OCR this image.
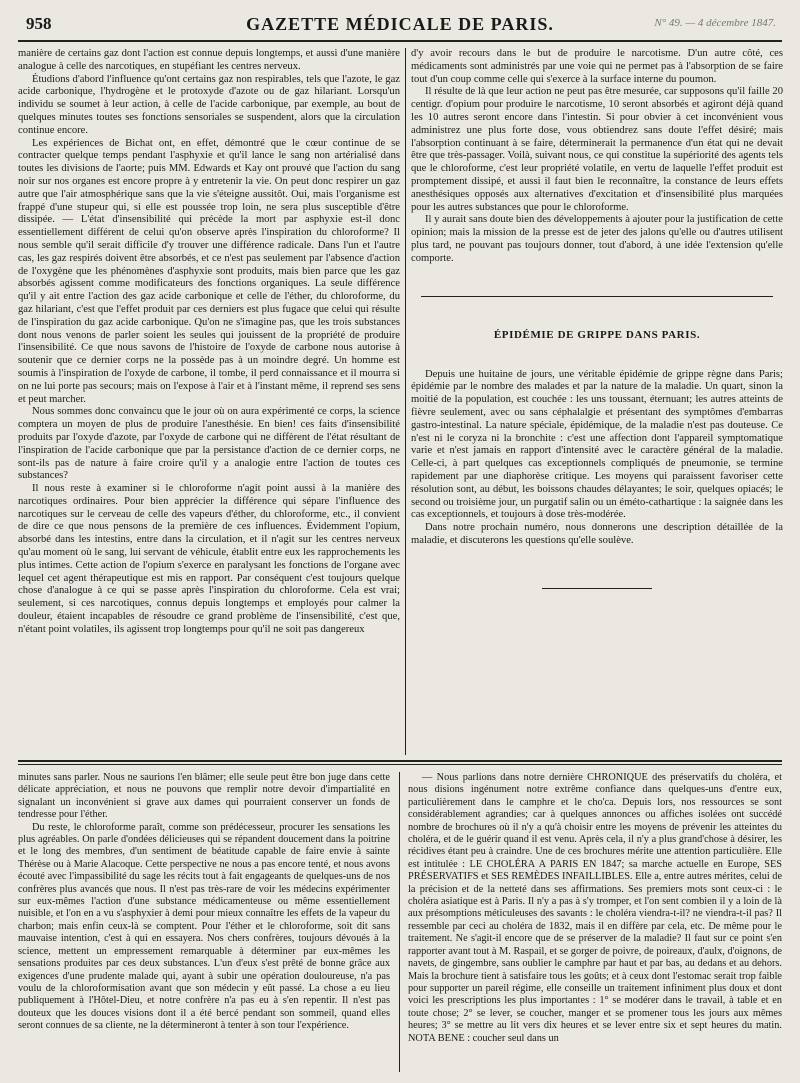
958	GAZETTE MÉDICALE DE PARIS.	N° 49. — 4 décembre 1847.

manière de certains gaz dont l'action est connue depuis longtemps, et aussi d'une manière analogue à celle des narcotiques, en stupéfiant les centres nerveux.

Étudions d'abord l'influence qu'ont certains gaz non respirables, tels que l'azote, le gaz acide carbonique, l'hydrogène et le protoxyde d'azote ou de gaz hilariant. Lorsqu'un individu se soumet à leur action, à celle de l'acide carbonique, par exemple, au bout de quelques minutes toutes ses fonctions sensoriales se suspendent, alors que la circulation continue encore.

Les expériences de Bichat ont, en effet, démontré que le cœur continue de se contracter quelque temps pendant l'asphyxie et qu'il lance le sang non artérialisé dans toutes les divisions de l'aorte; puis MM. Edwards et Kay ont prouvé que l'action du sang noir sur nos organes est encore propre à y entretenir la vie. On peut donc respirer un gaz autre que l'air atmosphérique sans que la vie s'éteigne aussitôt. Oui, mais l'organisme est frappé d'une stupeur qui, si elle est poussée trop loin, ne sera plus susceptible d'être dissipée. — L'état d'insensibilité qui précède la mort par asphyxie est-il donc essentiellement différent de celui qu'on observe après l'inspiration du chloroforme? Il nous semble qu'il serait difficile d'y trouver une différence radicale. Dans l'un et l'autre cas, les gaz respirés doivent être absorbés, et ce n'est pas seulement par l'absence d'action de l'oxygène que les phénomènes d'asphyxie sont produits, mais bien parce que les gaz absorbés agissent comme modificateurs des fonctions organiques. La seule différence qu'il y ait entre l'action des gaz acide carbonique et celle de l'éther, du chloroforme, du gaz hilariant, c'est que l'effet produit par ces derniers est plus fugace que celui qui résulte de l'inspiration du gaz acide carbonique. Qu'on ne s'imagine pas, que les trois substances dont nous venons de parler soient les seules qui jouissent de la propriété de produire l'insensibilité. Ce que nous savons de l'histoire de l'oxyde de carbone nous autorise à soutenir que ce dernier corps ne la possède pas à un moindre degré. Un homme est soumis à l'inspiration de l'oxyde de carbone, il tombe, il perd connaissance et il mourra si on ne lui porte pas secours; mais on l'expose à l'air et à l'instant même, il reprend ses sens et peut marcher.

Nous sommes donc convaincu que le jour où on aura expérimenté ce corps, la science comptera un moyen de plus de produire l'anesthésie. En bien! ces faits d'insensibilité produits par l'oxyde d'azote, par l'oxyde de carbone qui ne diffèrent de l'état résultant de l'inspiration de l'acide carbonique que par la persistance d'action de ce dernier corps, ne sont-ils pas de nature à faire croire qu'il y a analogie entre l'action de toutes ces substances?

Il nous reste à examiner si le chloroforme n'agit point aussi à la manière des narcotiques ordinaires. Pour bien apprécier la différence qui sépare l'influence des narcotiques sur le cerveau de celle des vapeurs d'éther, du chloroforme, etc., il convient de dire ce que nous pensons de la première de ces influences. Évidemment l'opium, absorbé dans les intestins, entre dans la circulation, et il n'agit sur les centres nerveux qu'au moment où le sang, lui servant de véhicule, établit entre eux les rapprochements les plus intimes. Cette action de l'opium s'exerce en paralysant les fonctions de l'organe avec lequel cet agent thérapeutique est mis en rapport. Par conséquent c'est toujours quelque chose d'analogue à ce qui se passe après l'inspiration du chloroforme. Cela est vrai; seulement, si ces narcotiques, connus depuis longtemps et employés pour calmer la douleur, étaient incapables de résoudre ce grand problème de l'insensibilité, c'est que, n'étant point volatiles, ils agissent trop longtemps pour qu'il ne soit pas dangereux

d'y avoir recours dans le but de produire le narcotisme. D'un autre côté, ces médicaments sont administrés par une voie qui ne permet pas à l'absorption de se faire tout d'un coup comme celle qui s'exerce à la surface interne du poumon.

Il résulte de là que leur action ne peut pas être mesurée, car supposons qu'il faille 20 centigr. d'opium pour produire le narcotisme, 10 seront absorbés et agiront déjà quand les 10 autres seront encore dans l'intestin. Si pour obvier à cet inconvénient vous administrez une plus forte dose, vous obtiendrez sans doute l'effet désiré; mais l'absorption continuant à se faire, déterminerait la permanence d'un état qui ne devait être que très-passager. Voilà, suivant nous, ce qui constitue la supériorité des agents tels que le chloroforme, c'est leur propriété volatile, en vertu de laquelle l'effet produit est promptement dissipé, et aussi il faut bien le reconnaître, la constance de leurs effets anesthésiques opposés aux alternatives d'excitation et d'insensibilité plus marquées pour les autres substances que pour le chloroforme.

Il y aurait sans doute bien des développements à ajouter pour la justification de cette opinion; mais la mission de la presse est de jeter des jalons qu'elle ou d'autres utilisent plus tard, ne pouvant pas toujours donner, tout d'abord, à une idée l'extension qu'elle comporte.

ÉPIDÉMIE DE GRIPPE DANS PARIS.

Depuis une huitaine de jours, une véritable épidémie de grippe règne dans Paris; épidémie par le nombre des malades et par la nature de la maladie. Un quart, sinon la moitié de la population, est couchée : les uns toussant, éternuant; les autres atteints de fièvre seulement, avec ou sans céphalalgie et présentant des symptômes d'embarras gastro-intestinal. La nature spéciale, épidémique, de la maladie n'est pas douteuse. Ce n'est ni le coryza ni la bronchite : c'est une affection dont l'appareil symptomatique varie et n'est jamais en rapport d'intensité avec le caractère général de la maladie. Celle-ci, à part quelques cas exceptionnels compliqués de pneumonie, se termine rapidement par une diaphorèse critique. Les moyens qui paraissent favoriser cette résolution sont, au début, les boissons chaudes délayantes; le soir, quelques opiacés; le second ou troisième jour, un purgatif salin ou un éméto-cathartique : la saignée dans les cas exceptionnels, et toujours à dose très-modérée.

Dans notre prochain numéro, nous donnerons une description détaillée de la maladie, et discuterons les questions qu'elle soulève.

minutes sans parler. Nous ne saurions l'en blâmer; elle seule peut être bon juge dans cette délicate appréciation, et nous ne pouvons que remplir notre devoir d'impartialité en signalant un inconvénient si grave aux dames qui pourraient conserver un fonds de tendresse pour l'éther.

Du reste, le chloroforme paraît, comme son prédécesseur, procurer les sensations les plus agréables. On parle d'ondées délicieuses qui se répandent doucement dans la poitrine et le long des membres, d'un sentiment de béatitude capable de faire envie à sainte Thérèse ou à Marie Alacoque. Cette perspective ne nous a pas encore tenté, et nous avons écouté avec l'impassibilité du sage les récits tout à fait engageants de quelques-uns de nos confrères plus avancés que nous. Il n'est pas très-rare de voir les médecins expérimenter sur eux-mêmes l'action d'une substance médicamenteuse ou même essentiellement nuisible, et l'on en a vu s'asphyxier à demi pour mieux connaître les effets de la vapeur du charbon; mais enfin ceux-là se comptent. Pour l'éther et le chloroforme, soit dit sans mauvaise intention, c'est à qui en essayera. Nos chers confrères, toujours dévoués à la science, mettent un empressement remarquable à déterminer par eux-mêmes les sensations produites par ces deux substances. L'un d'eux s'est prêté de bonne grâce aux exigences d'une prudente malade qui, ayant à subir une opération douloureuse, n'a pas voulu de la chloroformisation avant que son médecin y eût passé. La chose a eu lieu publiquement à l'Hôtel-Dieu, et notre confrère n'a pas eu à s'en repentir. Il n'est pas douteux que les douces visions dont il a été bercé pendant son sommeil, quand elles seront connues de sa cliente, ne la détermineront à tenter à son tour l'expérience.

— Nous parlions dans notre dernière CHRONIQUE des préservatifs du choléra, et nous disions ingénument notre extrême confiance dans quelques-uns d'entre eux, particulièrement dans le camphre et le cho'ca. Depuis lors, nos ressources se sont considérablement agrandies; car à quelques annonces ou affiches isolées ont succédé nombre de brochures où il n'y a qu'à choisir entre les moyens de prévenir les atteintes du choléra, et de le guérir quand il est venu. Après cela, il n'y a plus grand'chose à désirer, les récidives étant peu à craindre. Une de ces brochures mérite une attention particulière. Elle est intitulée : LE CHOLÉRA A PARIS EN 1847; sa marche actuelle en Europe, SES PRÉSERVATIFS et SES REMÈDES INFAILLIBLES. Elle a, entre autres mérites, celui de la précision et de la netteté dans ses affirmations. Ses premiers mots sont ceux-ci : le choléra asiatique est à Paris. Il n'y a pas à s'y tromper, et l'on sent combien il y a loin de là aux présomptions méticuleuses des savants : le choléra viendra-t-il? ne viendra-t-il pas? Il ressemble par ceci au choléra de 1832, mais il en diffère par cela, etc. De même pour le traitement. Ne s'agit-il encore que de se préserver de la maladie? Il faut sur ce point s'en rapporter avant tout à M. Raspail, et se gorger de poivre, de poireaux, d'aulx, d'oignons, de navets, de gingembre, sans oublier le camphre par haut et par bas, au dedans et au dehors. Mais la brochure tient à satisfaire tous les goûts; et à ceux dont l'estomac serait trop faible pour supporter un pareil régime, elle conseille un traitement infiniment plus doux et dont voici les prescriptions les plus importantes : 1° se modérer dans le travail, à table et en toute chose; 2° se lever, se coucher, manger et se promener tous les jours aux mêmes heures; 3° se mettre au lit vers dix heures et se lever entre six et sept heures du matin. NOTA BENE : coucher seul dans un
